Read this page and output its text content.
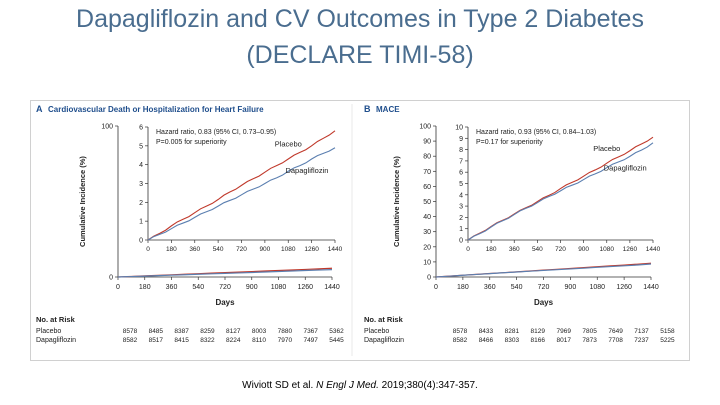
Dapagliflozin and CV Outcomes in Type 2 Diabetes
(DECLARE TIMI-58)
A Cardiovascular Death or Hospitalization for Heart Failure
0
100
0	180 360 540 720 900 1080 1260 1440
Days
Cumulative Incidence (%)	0
1
2
3
4
5
6
0 180 360 540 720 900 1080 1260 1440
Placebo
Dapagliflozin
Hazard ratio, 0.83 (95% CI, 0.73–0.95)
P=0.005 for superiority
No. at Risk
Placebo	8578 8485 8387 8259 8127 8003 7880 7367 5362
Dapagliflozin	8582 8517 8415 8322 8224 8110 7970 7497 5445
B MACE
0
10
20
30
40
50
60
70
80
90
100
0	180 360 540 720 900 1080 1260 1440
Days
Cumulative Incidence (%)	0
1
2
3
4
5
6
7
8
9
10
0 180 360 540 720 900 1080 1260 1440
Placebo
Dapagliflozin
Hazard ratio, 0.93 (95% CI, 0.84–1.03)
P=0.17 for superiority
No. at Risk
Placebo	8578 8433 8281 8129 7969 7805 7649 7137 5158
Dapagliflozin	8582 8466 8303 8166 8017 7873 7708 7237 5225
Wiviott SD et al. N Engl J Med. 2019;380(4):347-357.
